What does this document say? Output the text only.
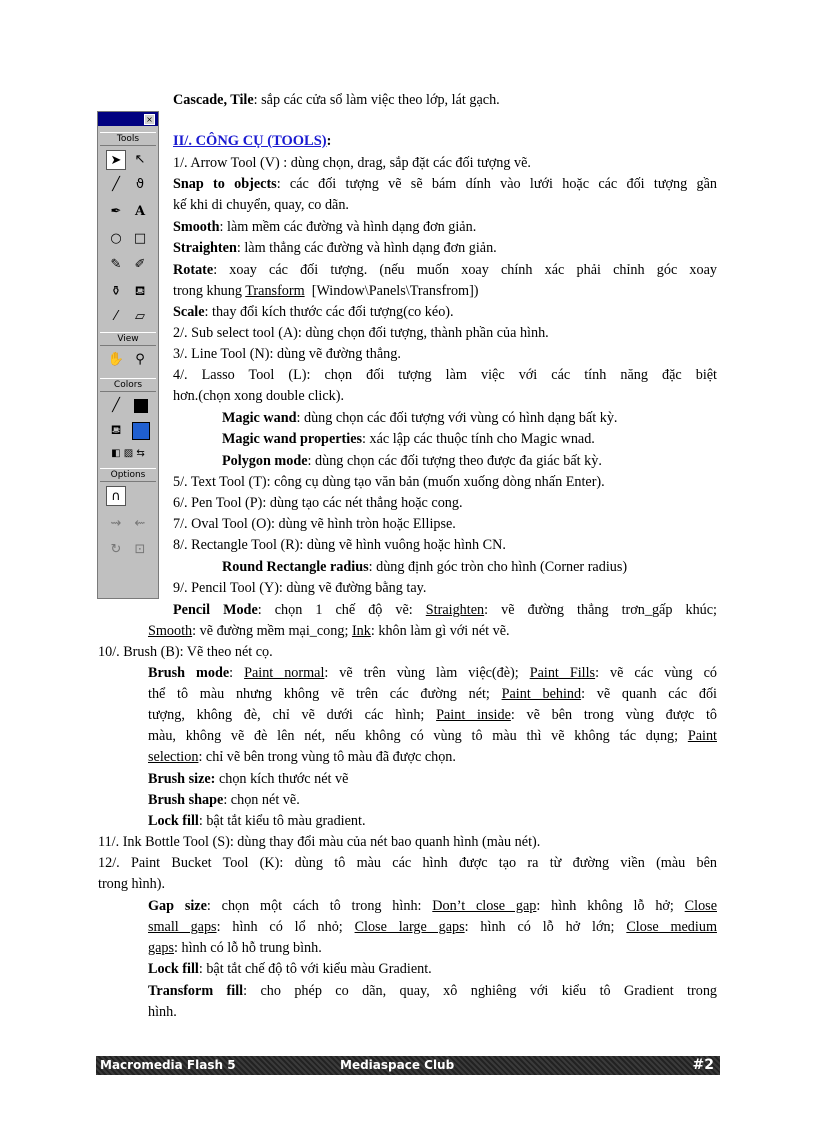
×
Tools
➤	↖
╱	ϑ
✒	A
○ □
✎	✐
⚱	⛾
⁄	▱
View
✋ ⚲
Colors
╱
⛾
◧ ▨ ⇆
Options
∩
⇝	⇜
↻	⊡
Cascade, Tile: sắp các cửa sổ làm việc theo lớp, lát gạch.
II/. CÔNG CỤ (TOOLS):
1/. Arrow Tool (V) : dùng chọn, drag, sắp đặt các đối tượng vẽ.
Snap to objects: các đối tượng vẽ sẽ bám dính vào lưới hoặc các đối tượng gần
kế khi di chuyển, quay, co dãn.
Smooth: làm mềm các đường và hình dạng đơn giản.
Straighten: làm thẳng các đường và hình dạng đơn giản.
Rotate: xoay các đối tượng. (nếu muốn xoay chính xác phải chỉnh góc xoay
trong khung Transform  [Window\Panels\Transfrom])
Scale: thay đổi kích thước các đối tượng(co kéo).
2/. Sub select tool (A): dùng chọn đối tượng, thành phần của hình.
3/. Line Tool (N): dùng vẽ đường thẳng.
4/. Lasso Tool (L): chọn đối tượng làm việc với các tính năng đặc biệt
hơn.(chọn xong double click).
Magic wand: dùng chọn các đối tượng với vùng có hình dạng bất kỳ.
Magic wand properties: xác lập các thuộc tính cho Magic wnad.
Polygon mode: dùng chọn các đối tượng theo được đa giác bất kỳ.
5/. Text Tool (T): công cụ dùng tạo văn bản (muốn xuống dòng nhấn Enter).
6/. Pen Tool (P): dùng tạo các nét thẳng hoặc cong.
7/. Oval Tool (O): dùng vẽ hình tròn hoặc Ellipse.
8/. Rectangle Tool (R): dùng vẽ hình vuông hoặc hình CN.
Round Rectangle radius: dùng định góc tròn cho hình (Corner radius)
9/. Pencil Tool (Y): dùng vẽ đường bằng tay.
Pencil Mode: chọn 1 chế độ vẽ: Straighten: vẽ đường thẳng trơn_gấp khúc;
Smooth: vẽ đường mềm mại_cong; Ink: khôn làm gì với nét vẽ.
10/. Brush (B): Vẽ theo nét cọ.
Brush mode: Paint normal: vẽ trên vùng làm việc(đè); Paint Fills: vẽ các vùng có
thể tô màu nhưng không vẽ trên các đường nét; Paint behind: vẽ quanh các đối
tượng, không đè, chỉ vẽ dưới các hình; Paint inside: vẽ bên trong vùng được tô
màu, không vẽ đè lên nét, nếu không có vùng tô màu thì vẽ không tác dụng; Paint
selection: chỉ vẽ bên trong vùng tô màu đã được chọn.
Brush size: chọn kích thước nét vẽ
Brush shape: chọn nét vẽ.
Lock fill: bật tắt kiểu tô màu gradient.
11/. Ink Bottle Tool (S): dùng thay đổi màu của nét bao quanh hình (màu nét).
12/. Paint Bucket Tool (K): dùng tô màu các hình được tạo ra từ đường viền (màu bên
trong hình).
Gap size: chọn một cách tô trong hình: Don’t close gap: hình không lỗ hở; Close
small gaps: hình có lổ nhỏ; Close large gaps: hình có lỗ hở lớn; Close medium
gaps: hình có lỗ hỗ trung bình.
Lock fill: bật tắt chế độ tô với kiểu màu Gradient.
Transform fill: cho phép co dãn, quay, xô nghiêng với kiểu tô Gradient trong
hình.
Macromedia Flash 5	Mediaspace Club	#2
